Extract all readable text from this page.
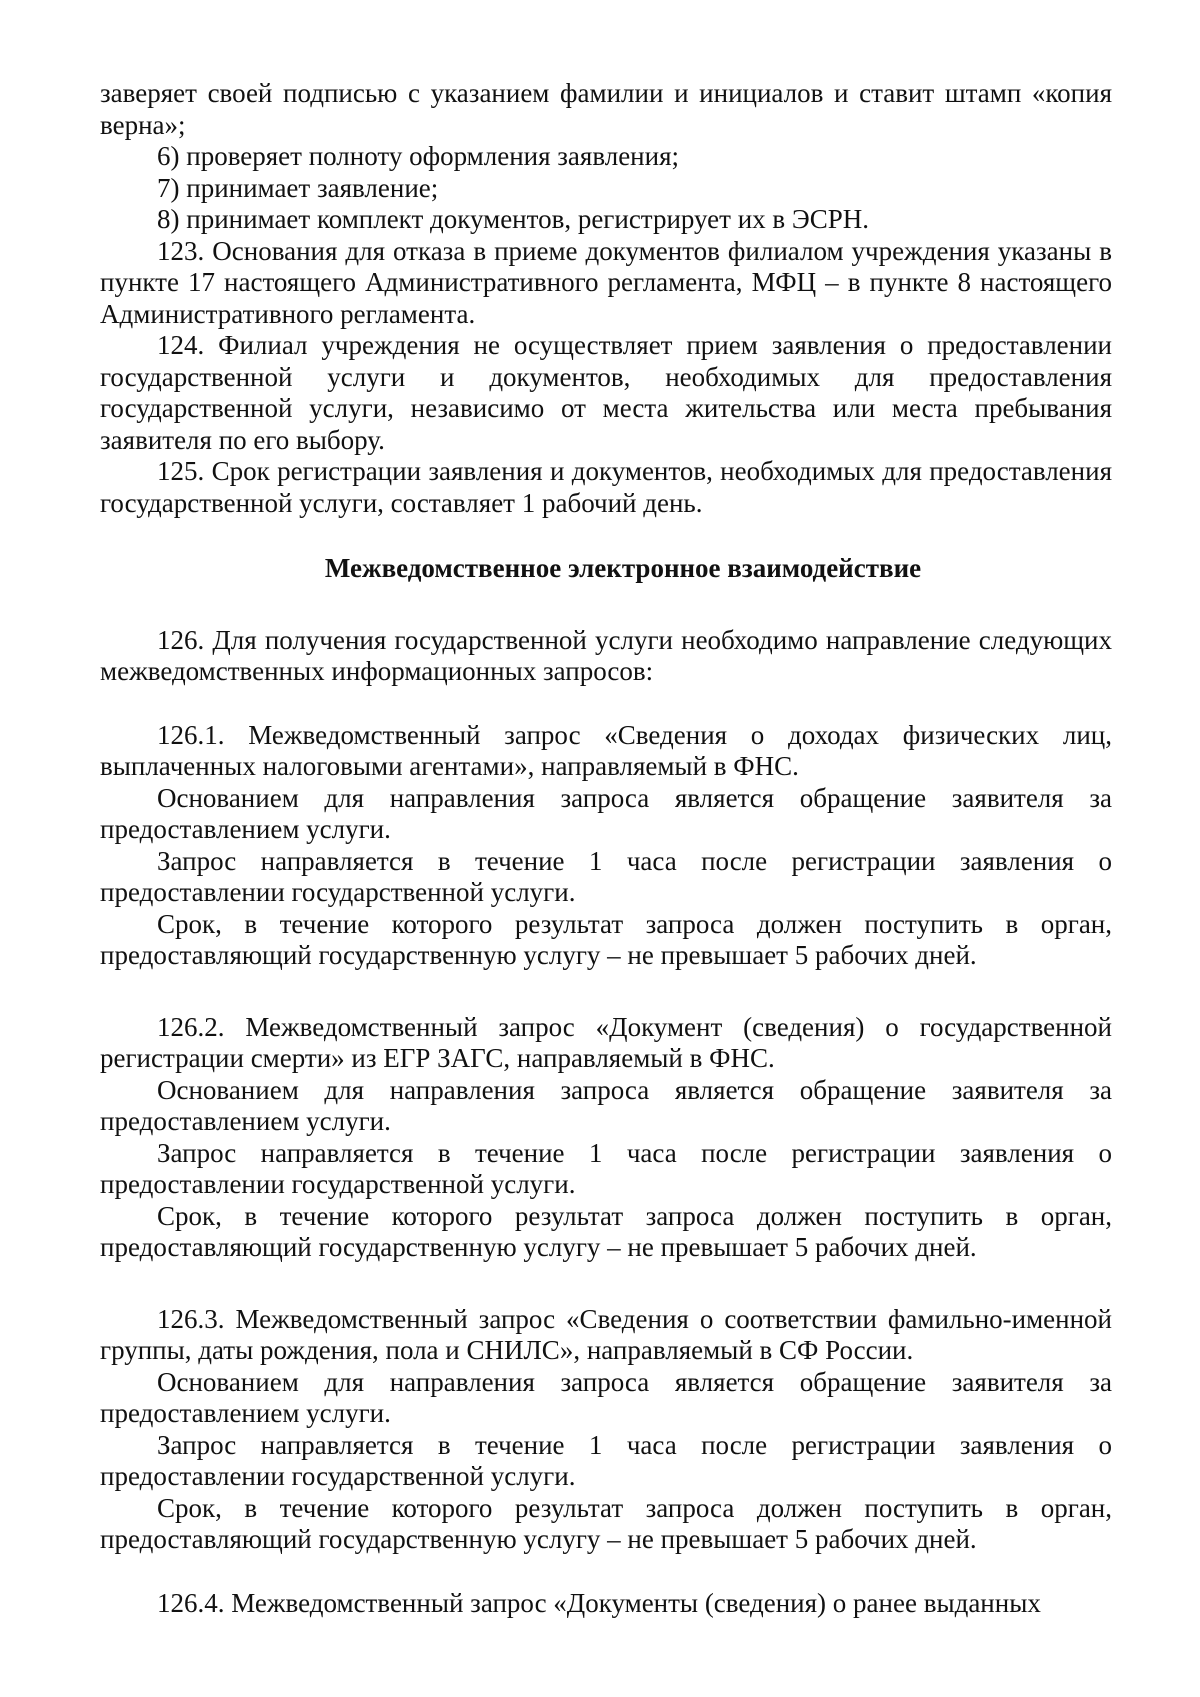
заверяет своей подписью с указанием фамилии и инициалов и ставит штамп «копия верна»;

6) проверяет полноту оформления заявления;

7) принимает заявление;

8) принимает комплект документов, регистрирует их в ЭСРН.

123. Основания для отказа в приеме документов филиалом учреждения указаны в пункте 17 настоящего Административного регламента, МФЦ – в пункте 8 настоящего Административного регламента.

124. Филиал учреждения не осуществляет прием заявления о предоставлении государственной услуги и документов, необходимых для предоставления государственной услуги, независимо от места жительства или места пребывания заявителя по его выбору.

125. Срок регистрации заявления и документов, необходимых для предоставления государственной услуги, составляет 1 рабочий день.

Межведомственное электронное взаимодействие

126. Для получения государственной услуги необходимо направление следующих межведомственных информационных запросов:

126.1. Межведомственный запрос «Сведения о доходах физических лиц, выплаченных налоговыми агентами», направляемый в ФНС.

Основанием для направления запроса является обращение заявителя за предоставлением услуги.

Запрос направляется в течение 1 часа после регистрации заявления о предоставлении государственной услуги.

Срок, в течение которого результат запроса должен поступить в орган, предоставляющий государственную услугу – не превышает 5 рабочих дней.

126.2. Межведомственный запрос «Документ (сведения) о государственной регистрации смерти» из ЕГР ЗАГС, направляемый в ФНС.

Основанием для направления запроса является обращение заявителя за предоставлением услуги.

Запрос направляется в течение 1 часа после регистрации заявления о предоставлении государственной услуги.

Срок, в течение которого результат запроса должен поступить в орган, предоставляющий государственную услугу – не превышает 5 рабочих дней.

126.3. Межведомственный запрос «Сведения о соответствии фамильно-именной группы, даты рождения, пола и СНИЛС», направляемый в СФ России.

Основанием для направления запроса является обращение заявителя за предоставлением услуги.

Запрос направляется в течение 1 часа после регистрации заявления о предоставлении государственной услуги.

Срок, в течение которого результат запроса должен поступить в орган, предоставляющий государственную услугу – не превышает 5 рабочих дней.

126.4. Межведомственный запрос «Документы (сведения) о ранее выданных
